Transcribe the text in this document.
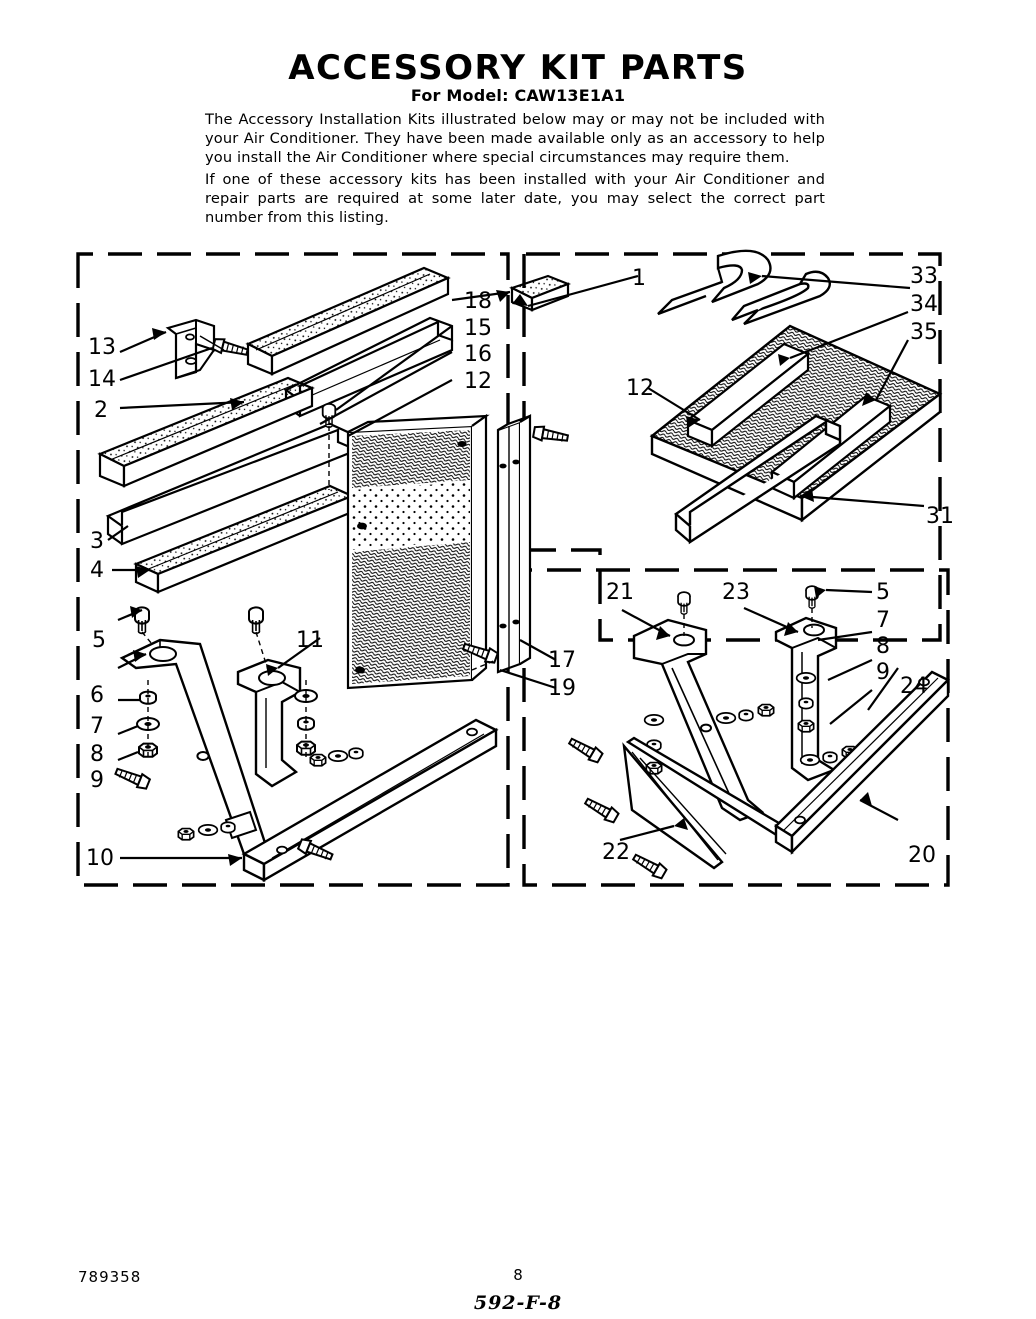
ACCESSORY KIT PARTS
For Model: CAW13E1A1

The Accessory Installation Kits illustrated below may or may not be included with your Air Conditioner. They have been made available only as an accessory to help you install the Air Conditioner where special circumstances may require them.

If one of these accessory kits has been installed with your Air Conditioner and repair parts are required at some later date, you may select the correct part number from this listing.

13
14
2
3
4
18
15
16
12
17
19
5
6
7
8
9
11
10
1	33
34
35
12
31
21	23	5
7
8
9
24
22	20
789358	8
592-F-8
